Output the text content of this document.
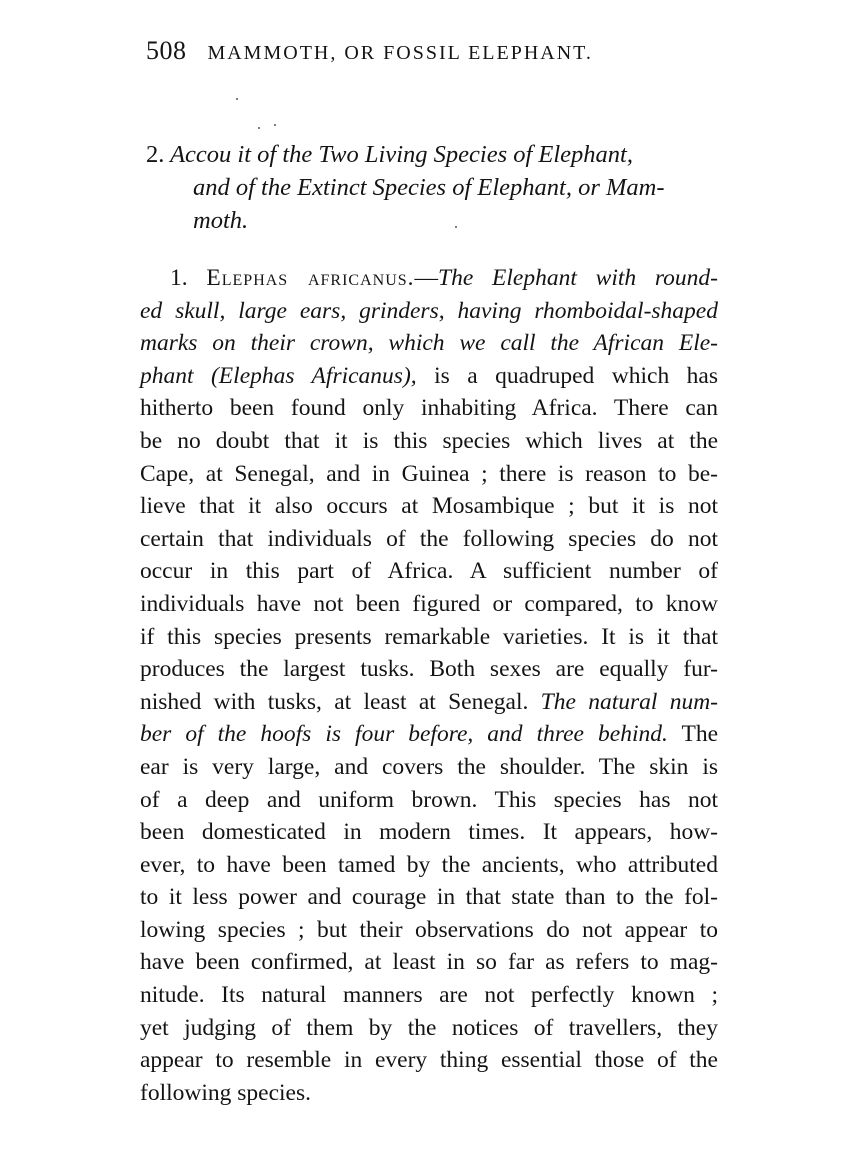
508 MAMMOTH, OR FOSSIL ELEPHANT.
2. Accou it of the Two Living Species of Elephant,
and of the Extinct Species of Elephant, or Mam-
moth.
1. Elephas africanus.—The Elephant with round-
ed skull, large ears, grinders, having rhomboidal-shaped
marks on their crown, which we call the African Ele-
phant (Elephas Africanus), is a quadruped which has
hitherto been found only inhabiting Africa. There can
be no doubt that it is this species which lives at the
Cape, at Senegal, and in Guinea ; there is reason to be-
lieve that it also occurs at Mosambique ; but it is not
certain that individuals of the following species do not
occur in this part of Africa. A sufficient number of
individuals have not been figured or compared, to know
if this species presents remarkable varieties. It is it that
produces the largest tusks. Both sexes are equally fur-
nished with tusks, at least at Senegal. The natural num-
ber of the hoofs is four before, and three behind. The
ear is very large, and covers the shoulder. The skin is
of a deep and uniform brown. This species has not
been domesticated in modern times. It appears, how-
ever, to have been tamed by the ancients, who attributed
to it less power and courage in that state than to the fol-
lowing species ; but their observations do not appear to
have been confirmed, at least in so far as refers to mag-
nitude. Its natural manners are not perfectly known ;
yet judging of them by the notices of travellers, they
appear to resemble in every thing essential those of the
following species.
